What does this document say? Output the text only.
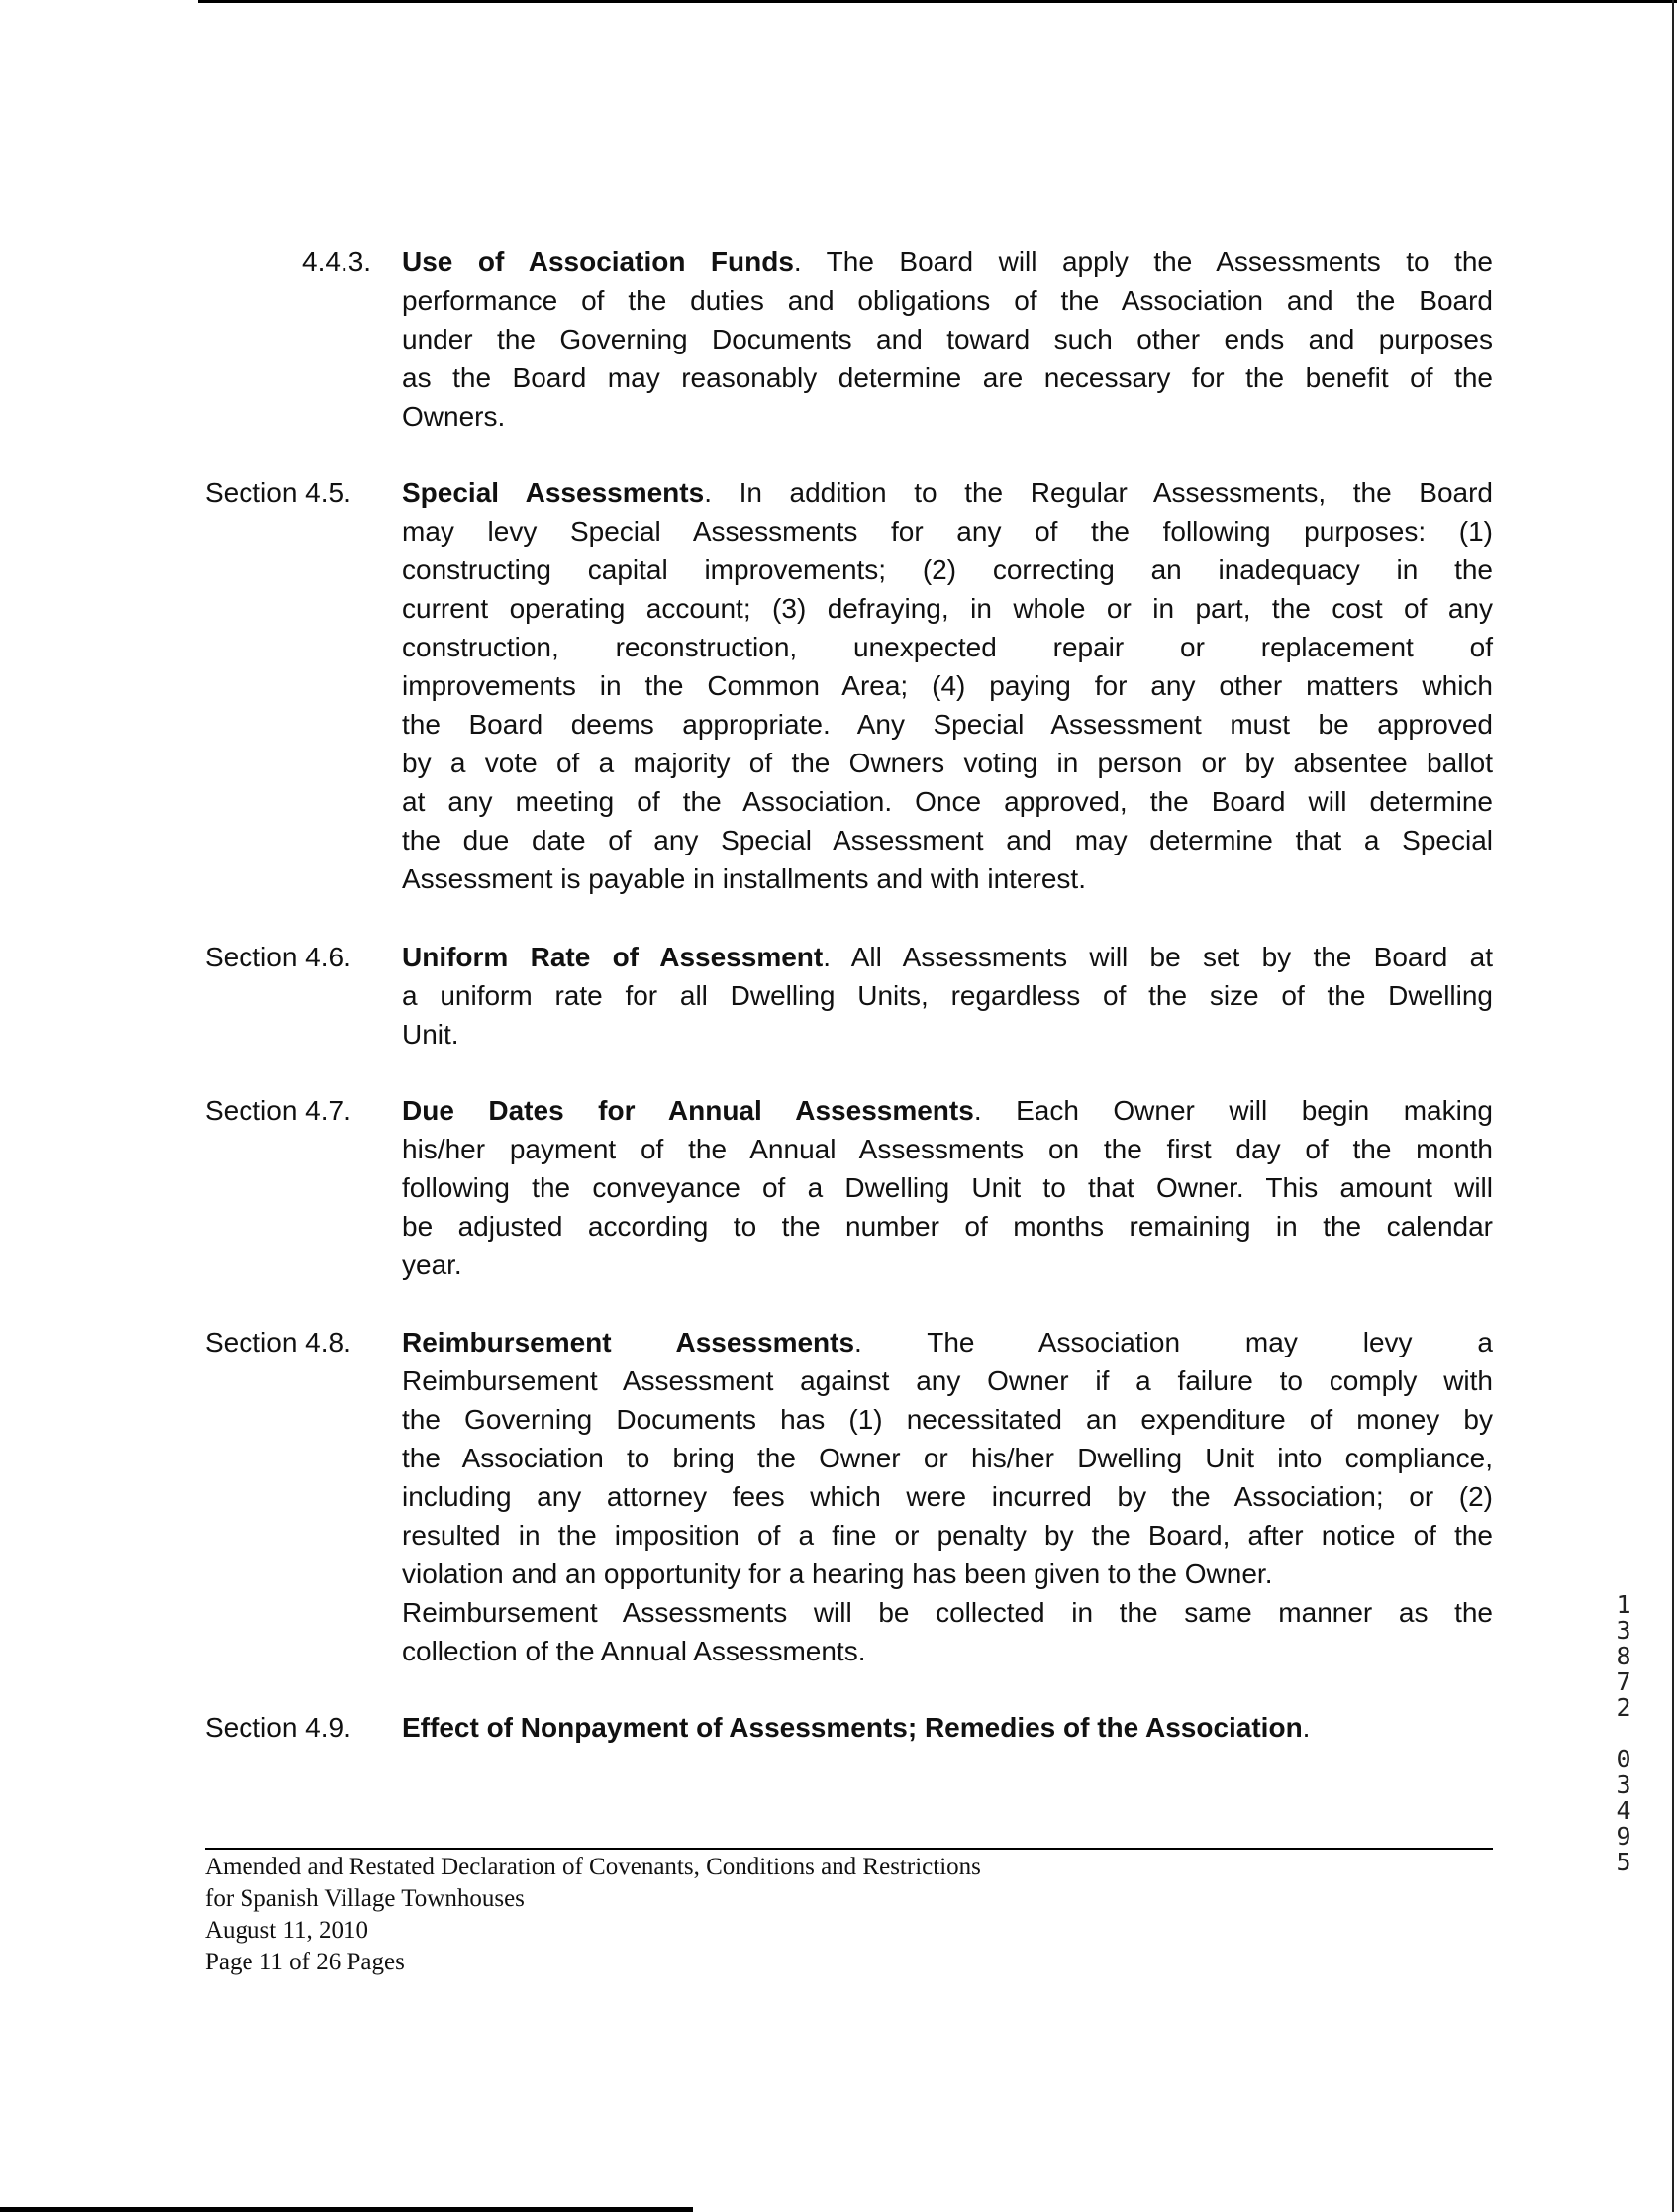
4.4.3. Use of Association Funds. The Board will apply the Assessments to the
performance of the duties and obligations of the Association and the Board
under the Governing Documents and toward such other ends and purposes
as the Board may reasonably determine are necessary for the benefit of the
Owners.
Section 4.5. Special Assessments. In addition to the Regular Assessments, the Board
may levy Special Assessments for any of the following purposes: (1)
constructing capital improvements; (2) correcting an inadequacy in the
current operating account; (3) defraying, in whole or in part, the cost of any
construction, reconstruction, unexpected repair or replacement of
improvements in the Common Area; (4) paying for any other matters which
the Board deems appropriate. Any Special Assessment must be approved
by a vote of a majority of the Owners voting in person or by absentee ballot
at any meeting of the Association. Once approved, the Board will determine
the due date of any Special Assessment and may determine that a Special
Assessment is payable in installments and with interest.
Section 4.6. Uniform Rate of Assessment. All Assessments will be set by the Board at
a uniform rate for all Dwelling Units, regardless of the size of the Dwelling
Unit.
Section 4.7. Due Dates for Annual Assessments. Each Owner will begin making
his/her payment of the Annual Assessments on the first day of the month
following the conveyance of a Dwelling Unit to that Owner. This amount will
be adjusted according to the number of months remaining in the calendar
year.
Section 4.8. Reimbursement Assessments. The Association may levy a
Reimbursement Assessment against any Owner if a failure to comply with
the Governing Documents has (1) necessitated an expenditure of money by
the Association to bring the Owner or his/her Dwelling Unit into compliance,
including any attorney fees which were incurred by the Association; or (2)
resulted in the imposition of a fine or penalty by the Board, after notice of the
violation and an opportunity for a hearing has been given to the Owner.
Reimbursement Assessments will be collected in the same manner as the
collection of the Annual Assessments.
Section 4.9. Effect of Nonpayment of Assessments; Remedies of the Association.
Amended and Restated Declaration of Covenants, Conditions and Restrictions
for Spanish Village Townhouses
August 11, 2010
Page 11 of 26 Pages
13872
03495
